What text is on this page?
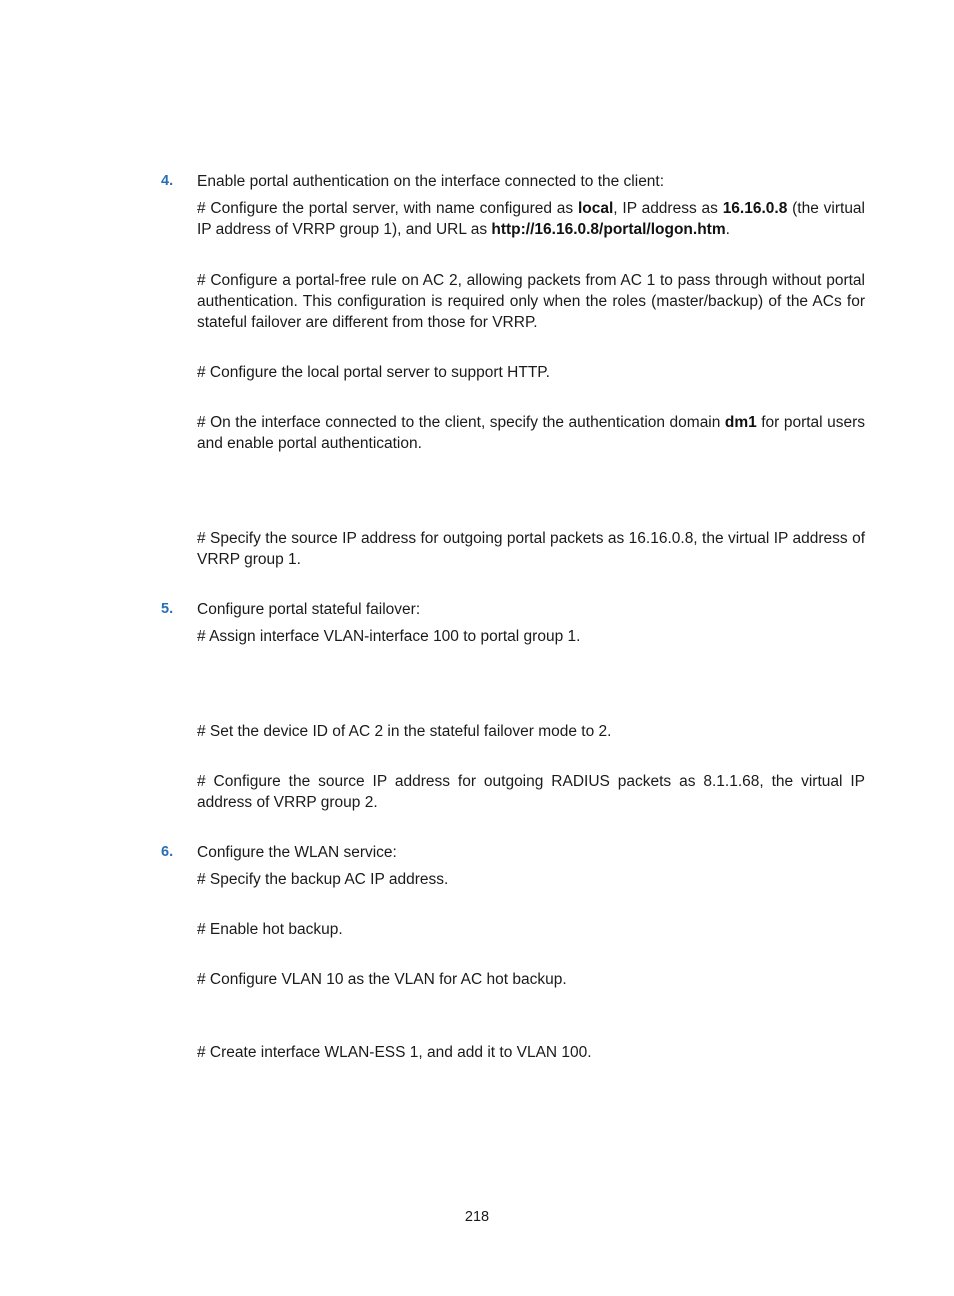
4. Enable portal authentication on the interface connected to the client:
# Configure the portal server, with name configured as local, IP address as 16.16.0.8 (the virtual IP address of VRRP group 1), and URL as http://16.16.0.8/portal/logon.htm.
# Configure a portal-free rule on AC 2, allowing packets from AC 1 to pass through without portal authentication. This configuration is required only when the roles (master/backup) of the ACs for stateful failover are different from those for VRRP.
# Configure the local portal server to support HTTP.
# On the interface connected to the client, specify the authentication domain dm1 for portal users and enable portal authentication.
# Specify the source IP address for outgoing portal packets as 16.16.0.8, the virtual IP address of VRRP group 1.
5. Configure portal stateful failover:
# Assign interface VLAN-interface 100 to portal group 1.
# Set the device ID of AC 2 in the stateful failover mode to 2.
# Configure the source IP address for outgoing RADIUS packets as 8.1.1.68, the virtual IP address of VRRP group 2.
6. Configure the WLAN service:
# Specify the backup AC IP address.
# Enable hot backup.
# Configure VLAN 10 as the VLAN for AC hot backup.
# Create interface WLAN-ESS 1, and add it to VLAN 100.
218
